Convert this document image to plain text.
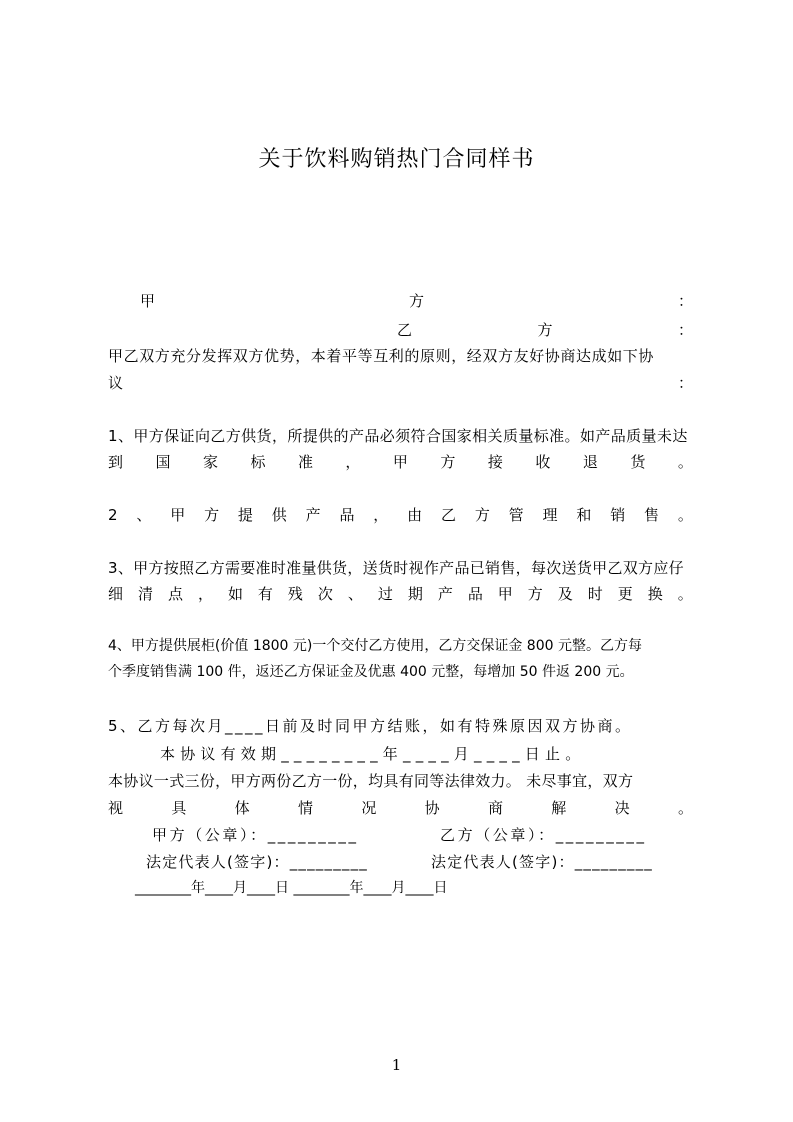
关于饮料购销热门合同样书
甲	方	：
乙	方	：
甲乙双方充分发挥双方优势，本着平等互利的原则，经双方友好协商达成如下协
议	：
1、甲方保证向乙方供货，所提供的产品必须符合国家相关质量标准。如产品质量未达
到 国 家 标 准 ， 甲 方 接 收 退 货 。
2 、 甲 方 提 供 产 品 ， 由 乙 方 管 理 和 销 售 。
3、甲方按照乙方需要准时准量供货，送货时视作产品已销售，每次送货甲乙双方应仔
细 清 点 ， 如 有 残 次 、 过 期 产 品 甲 方 及 时 更 换 。
4、甲方提供展柜(价值 1800 元)一个交付乙方使用，乙方交保证金 800 元整。乙方每
个季度销售满 100 件，返还乙方保证金及优惠 400 元整，每增加 50 件返 200 元。
5、乙方每次月____日前及时同甲方结账，如有特殊原因双方协商。
本协议有效期________年____月____日止。
本协议一式三份，甲方两份乙方一份，均具有同等法律效力。 未尽事宜，双方
视	具	体	情	况	协	商	解	决	。
甲方（公章）：_________	乙方（公章）：_________
法定代表人(签字)：_________	法定代表人(签字)：_________
________年____月____日 ________年____月____日
1
